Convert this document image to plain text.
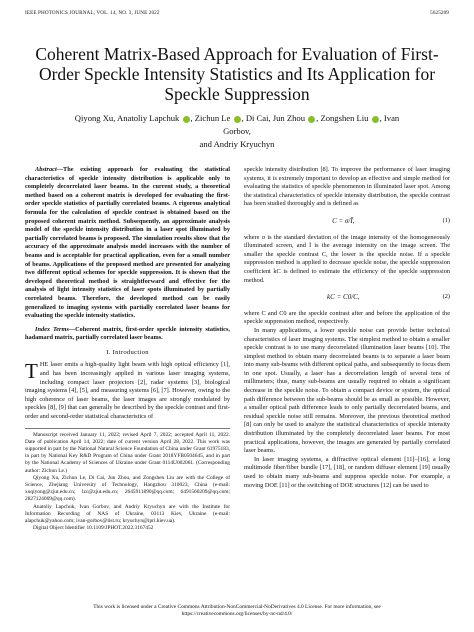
IEEE PHOTONICS JOURNAL, VOL. 14, NO. 3, JUNE 2022	5625209
Coherent Matrix-Based Approach for Evaluation of First-Order Speckle Intensity Statistics and Its Application for Speckle Suppression
Qiyong Xu, Anatoliy Lapchuk , Zichun Le , Di Cai, Jun Zhou , Zongshen Liu , Ivan Gorbov,
and Andriy Kryuchyn

Abstract—The existing approach for evaluating the statistical characteristics of speckle intensity distribution is applicable only to completely decorrelated laser beams. In the current study, a theoretical method based on a coherent matrix is developed for evaluating the first-order speckle statistics of partially correlated beams. A rigorous analytical formula for the calculation of speckle contrast is obtained based on the proposed coherent matrix method. Subsequently, an approximate analysis model of the speckle intensity distribution in a laser spot illuminated by partially correlated beams is proposed. The simulation results show that the accuracy of the approximate analysis model increases with the number of beams and is acceptable for practical application, even for a small number of beams. Applications of the proposed method are presented for analyzing two different optical schemes for speckle suppression. It is shown that the developed theoretical method is straightforward and effective for the analysis of light intensity statistics of laser spots illuminated by partially correlated beams. Therefore, the developed method can be easily generalized to imaging systems with partially correlated laser beams for evaluating the speckle intensity statistics.

Index Terms—Coherent matrix, first-order speckle intensity statistics, hadamard matrix, partially correlated laser beams.

I. Introduction

THE laser emits a high-quality light beam with high optical efficiency [1], and has been increasingly applied in various laser imaging systems, including compact laser projectors [2], radar systems [3], biological imaging systems [4], [5], and measuring systems [6], [7]. However, owing to the high coherence of laser beams, the laser images are strongly modulated by speckles [8], [9] that can generally be described by the speckle contrast and first-order and second-order statistical characteristics of

Manuscript received January 11, 2022; revised April 7, 2022; accepted April 11, 2022. Date of publication April 14, 2022; date of current version April 28, 2022. This work was supported in part by the National Natural Science Foundation of China under Grant 61975183, in part by National Key R&D Program of China under Grant 2018YFB0504645, and in part by the National Academy of Sciences of Ukraine under Grant 0114U002061. (Corresponding author: Zichun Le.)

Qiyong Xu, Zichun Le, Di Cai, Jun Zhou, and Zongshen Liu are with the College of Science, Zhejiang University of Technology, Hangzhou 310023, China (e-mail: xuqiyong@zjut.edu.cn; lzc@zjut.edu.cn; 2645911890@qq.com; 6491560209@qq.com; 2827124069@qq.com).

Anatoliy Lapchuk, Ivan Gorbov, and Andriy Kryuchyn are with the Institute for Information Recording of NAS of Ukraine, 03113 Kiev, Ukraine (e-mail: alapchuk@yahoo.com; ivan-gorbov@list.ru; kryuchyn@ipri.kiev.ua).

Digital Object Identifier 10.1109/JPHOT.2022.3167452

speckle intensity distribution [8]. To improve the performance of laser imaging systems, it is extremely important to develop an effective and simple method for evaluating the statistics of speckle phenomenon in illuminated laser spot. Among the statistical characteristics of speckle intensity distribution, the speckle contrast has been studied thoroughly and is defined as

C = σ/Ī,	(1)

where σ is the standard deviation of the image intensity of the homogeneously illuminated screen, and Ī is the average intensity on the image screen. The smaller the speckle contrast C, the lower is the speckle noise. If a speckle suppression method is applied to decrease speckle noise, the speckle suppression coefficient kC is defined to estimate the efficiency of the speckle suppression method.

kC = C0/C,	(2)

where C and C0 are the speckle contrast after and before the application of the speckle suppression method, respectively.

In many applications, a lower speckle noise can provide better technical characteristics of laser imaging systems. The simplest method to obtain a smaller speckle contrast is to use many decorrelated illumination laser beams [10]. The simplest method to obtain many decorrelated beams is to separate a laser beam into many sub-beams with different optical paths, and subsequently to focus them in one spot. Usually, a laser has a decorrelation length of several tens of millimeters; thus, many sub-beams are usually required to obtain a significant decrease in the speckle noise. To obtain a compact device or system, the optical path difference between the sub-beams should be as small as possible. However, a smaller optical path difference leads to only partially decorrelated beams, and residual speckle noise still remains. Moreover, the previous theoretical method [8] can only be used to analyze the statistical characteristics of speckle intensity distribution illuminated by the completely decorrelated laser beams. For most practical applications, however, the images are generated by partially correlated laser beams.

In laser imaging systems, a diffractive optical element [11]–[16], a long multimode fiber/fiber bundle [17], [18], or random diffuser element [19] usually used to obtain many sub-beams and suppress speckle noise. For example, a moving DOE [11] or the switching of DOE structures [12] can be used to

This work is licensed under a Creative Commons Attribution-NonCommercial-NoDerivatives 4.0 License. For more information, see
https://creativecommons.org/licenses/by-nc-nd/4.0/
